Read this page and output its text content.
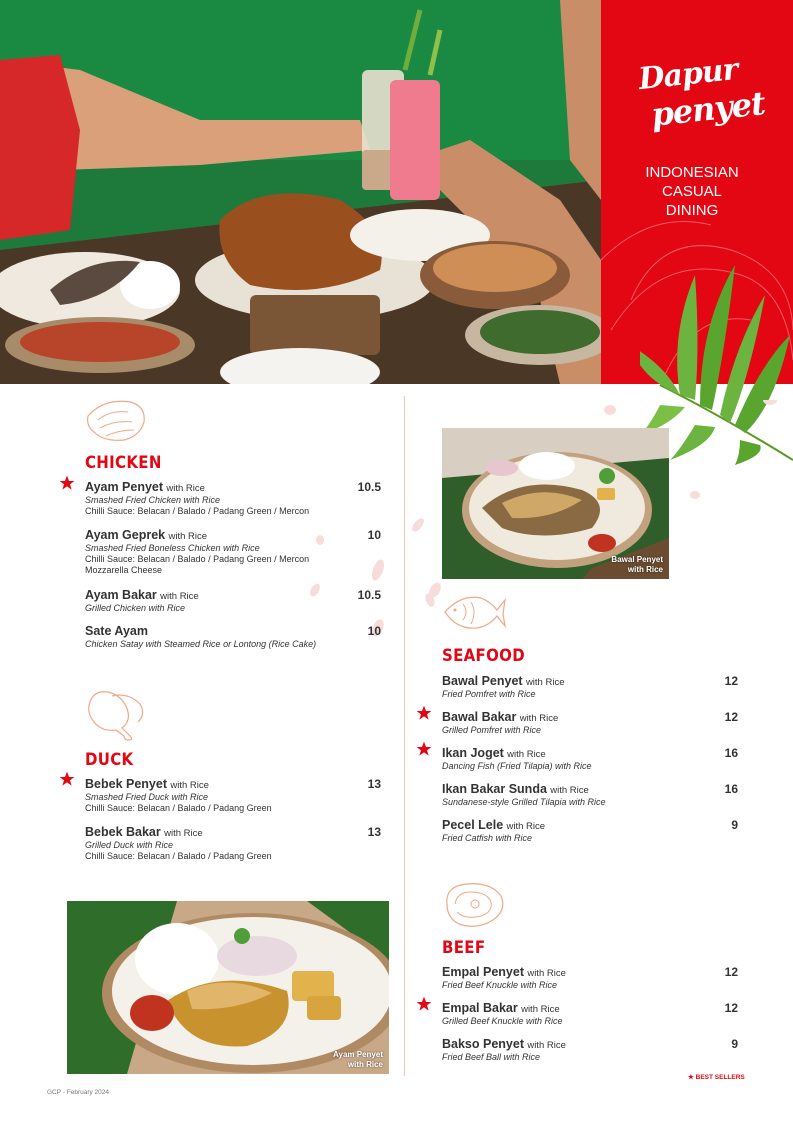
Dapur
penyet
INDONESIAN
CASUAL
DINING
CHICKEN
Ayam Penyet with Rice
Smashed Fried Chicken with Rice
Chilli Sauce: Belacan / Balado / Padang Green / Mercon
10.5
Ayam Geprek with Rice
Smashed Fried Boneless Chicken with Rice
Chilli Sauce: Belacan / Balado / Padang Green / Mercon
Mozzarella Cheese
10
Ayam Bakar with Rice
Grilled Chicken with Rice
10.5
Sate Ayam
Chicken Satay with Steamed Rice or Lontong (Rice Cake)
10
DUCK
Bebek Penyet with Rice
Smashed Fried Duck with Rice
Chilli Sauce: Belacan / Balado / Padang Green
13
Bebek Bakar with Rice
Grilled Duck with Rice
Chilli Sauce: Belacan / Balado / Padang Green
13
Ayam Penyet
with Rice
Bawal Penyet
with Rice
SEAFOOD
Bawal Penyet with Rice
Fried Pomfret with Rice
12
Bawal Bakar with Rice
Grilled Pomfret with Rice
12
Ikan Joget with Rice
Dancing Fish (Fried Tilapia) with Rice
16
Ikan Bakar Sunda with Rice
Sundanese-style Grilled Tilapia with Rice
16
Pecel Lele with Rice
Fried Catfish with Rice
9
BEEF
Empal Penyet with Rice
Fried Beef Knuckle with Rice
12
Empal Bakar with Rice
Grilled Beef Knuckle with Rice
12
Bakso Penyet with Rice
Fried Beef Ball with Rice
9
★ BEST SELLERS
GCP - February 2024
